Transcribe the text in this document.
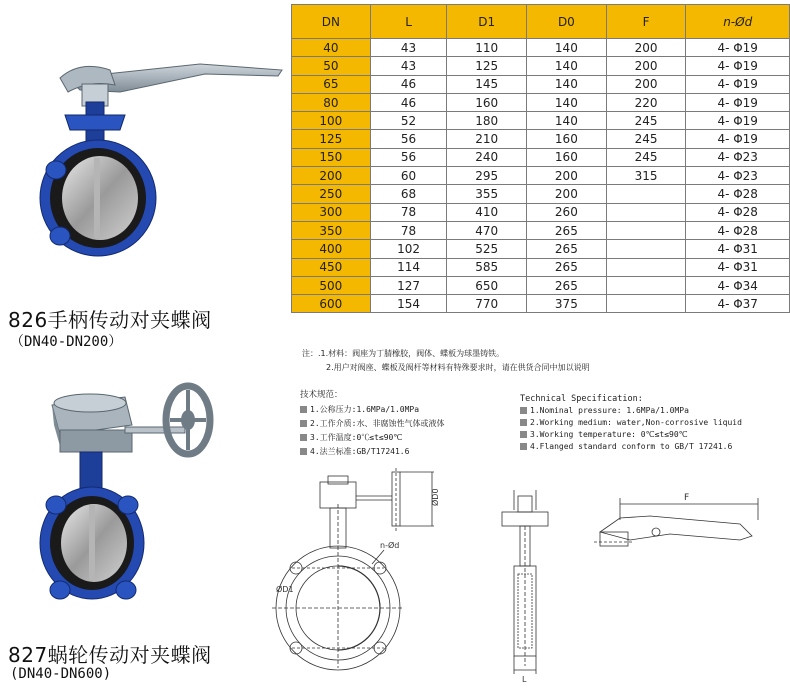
826手柄传动对夹蝶阀
（DN40-DN200）
827蜗轮传动对夹蝶阀
(DN40-DN600)
DN	L	D1	D0	F	n-Ød
40	43	110	140	200	4- Φ19
50	43	125	140	200	4- Φ19
65	46	145	140	200	4- Φ19
80	46	160	140	220	4- Φ19
100	52	180	140	245	4- Φ19
125	56	210	160	245	4- Φ19
150	56	240	160	245	4- Φ23
200	60	295	200	315	4- Φ23
250	68	355	200		4- Φ28
300	78	410	260		4- Φ28
350	78	470	265		4- Φ28
400	102	525	265		4- Φ31
450	114	585	265		4- Φ31
500	127	650	265		4- Φ34
600	154	770	375		4- Φ37
注：.1.材料：阀座为丁腈橡胶，阀体、蝶板为球墨铸铁。
2.用户对阀座、蝶板及阀杆等材料有特殊要求时，请在供货合同中加以说明
技术规范：
1.公称压力:1.6MPa/1.0MPa
2.工作介质:水、非腐蚀性气体或液体
3.工作温度:0℃≤t≤90℃
4.法兰标准:GB/T17241.6
Technical Specification:
1.Nominal pressure: 1.6MPa/1.0MPa
2.Working medium: water,Non-corrosive liquid
3.Working temperature: 0℃≤t≤90℃
4.Flanged standard conform to GB/T 17241.6
ØD0
n-Ød
ØD1
L
F
